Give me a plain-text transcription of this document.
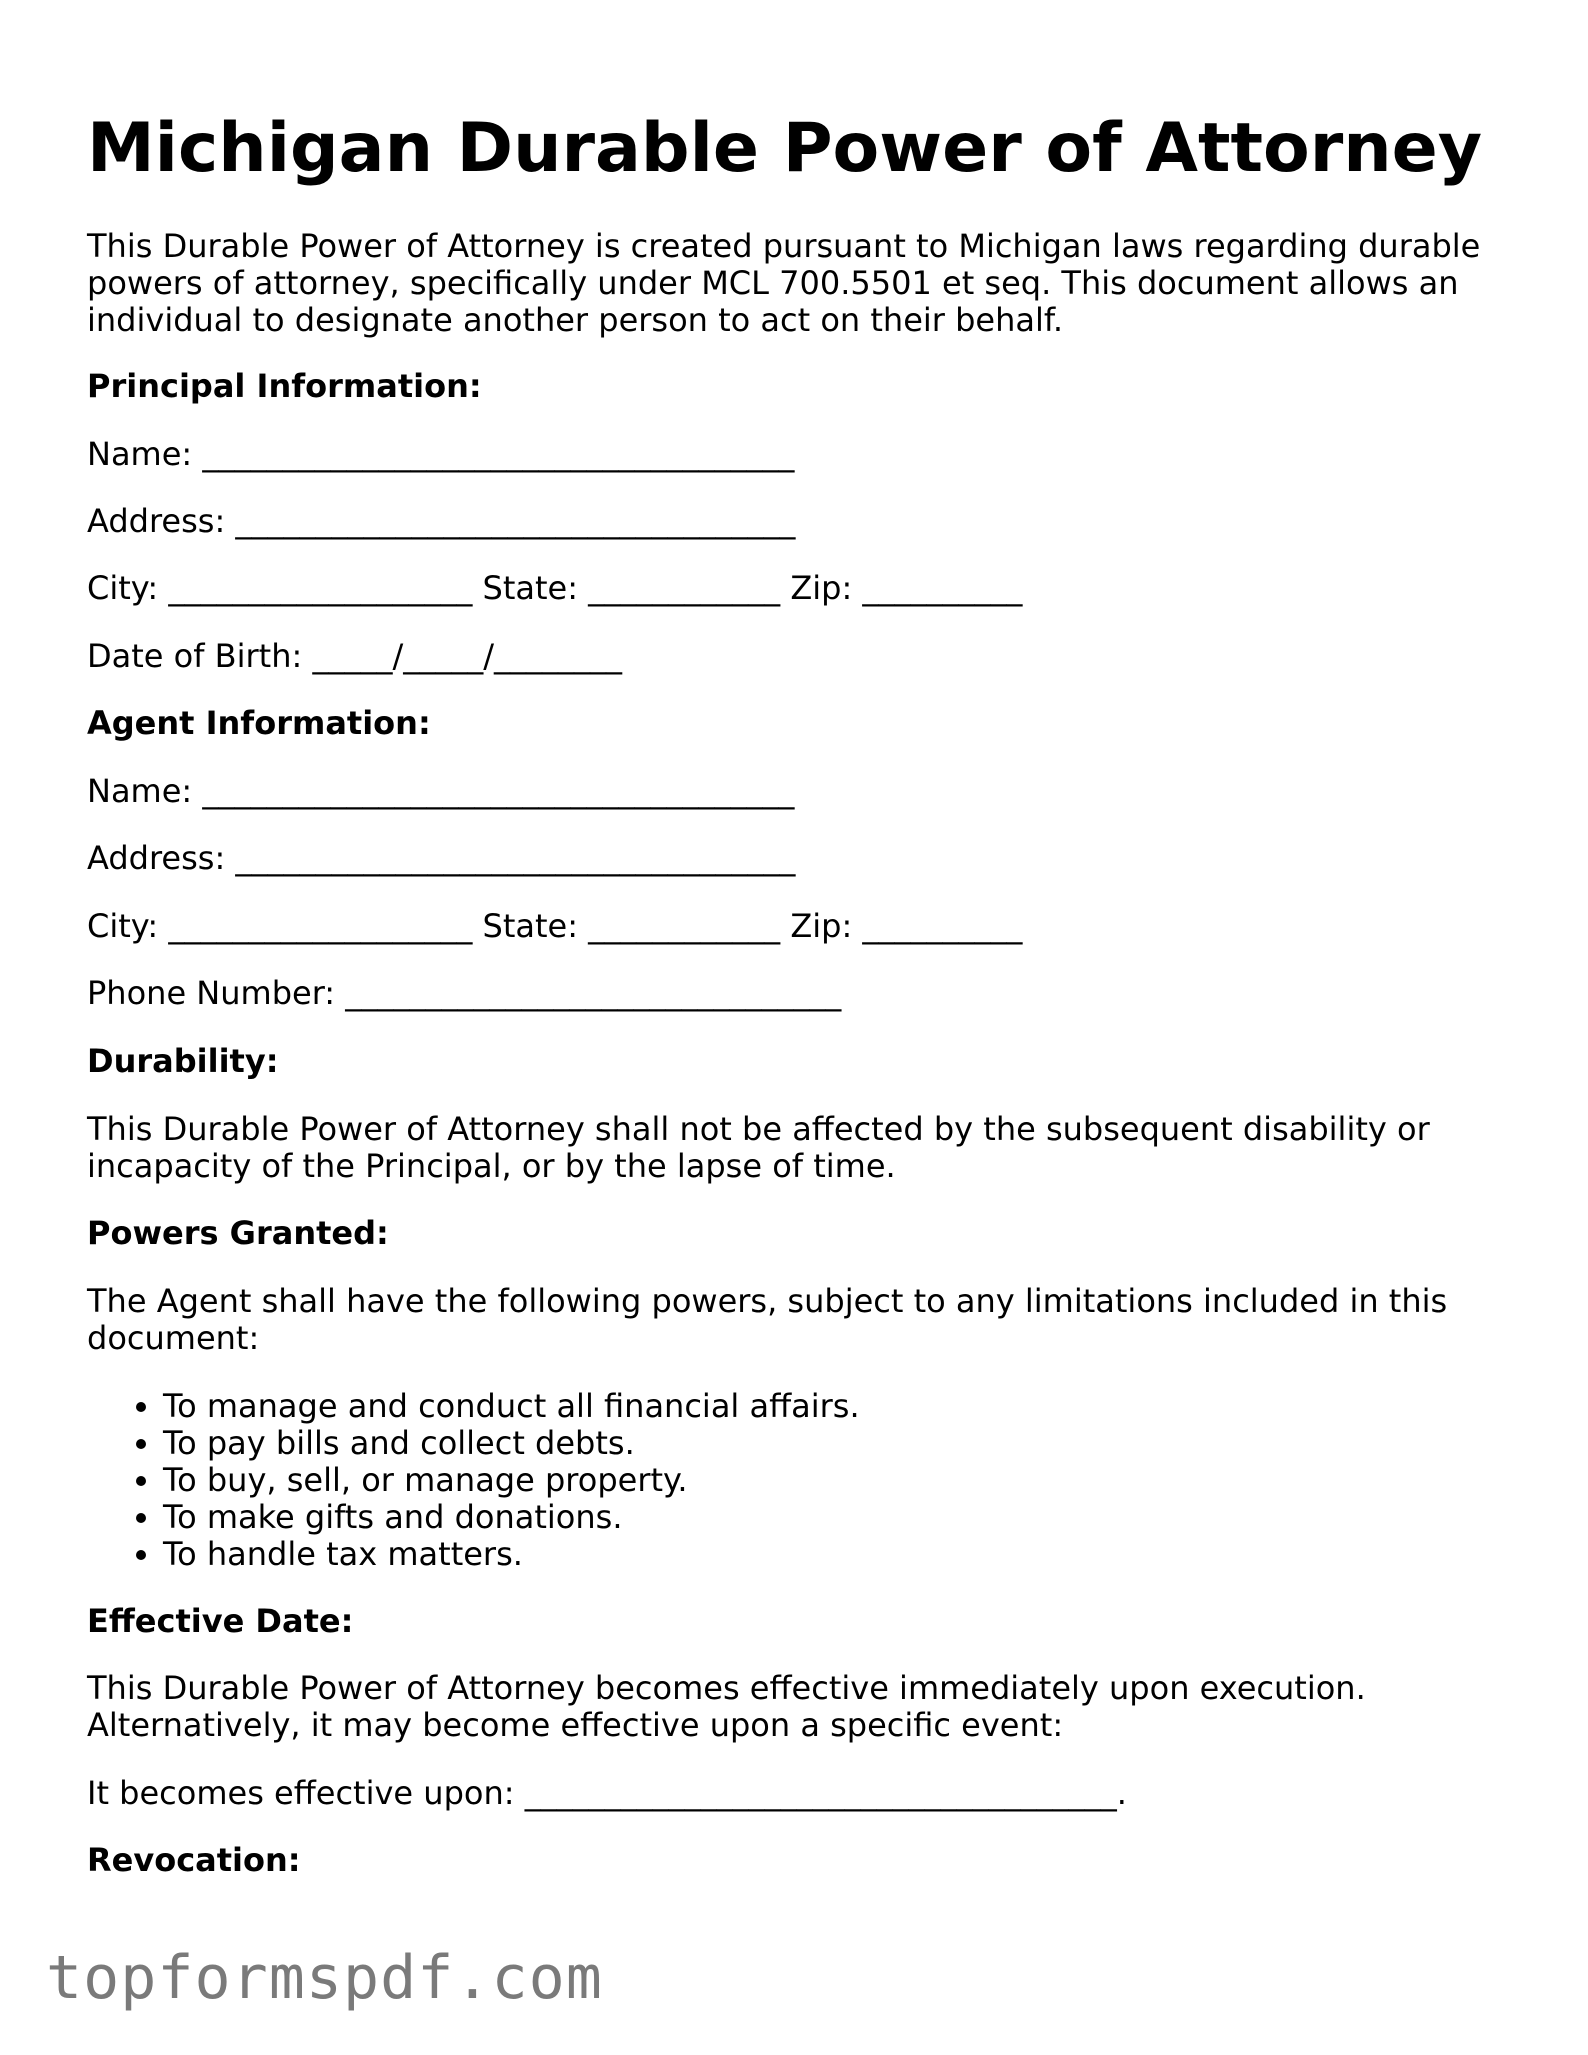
Michigan Durable Power of Attorney
This Durable Power of Attorney is created pursuant to Michigan laws regarding durable
powers of attorney, specifically under MCL 700.5501 et seq. This document allows an
individual to designate another person to act on their behalf.
Principal Information:
Name: _____________________________________
Address: ___________________________________
City: ___________________ State: ____________ Zip: __________
Date of Birth: _____/_____/________
Agent Information:
Name: _____________________________________
Address: ___________________________________
City: ___________________ State: ____________ Zip: __________
Phone Number: _______________________________
Durability:
This Durable Power of Attorney shall not be affected by the subsequent disability or
incapacity of the Principal, or by the lapse of time.
Powers Granted:
The Agent shall have the following powers, subject to any limitations included in this
document:
• To manage and conduct all financial affairs.
• To pay bills and collect debts.
• To buy, sell, or manage property.
• To make gifts and donations.
• To handle tax matters.
Effective Date:
This Durable Power of Attorney becomes effective immediately upon execution.
Alternatively, it may become effective upon a specific event:
It becomes effective upon: _____________________________________.
Revocation:
topformspdf.com
